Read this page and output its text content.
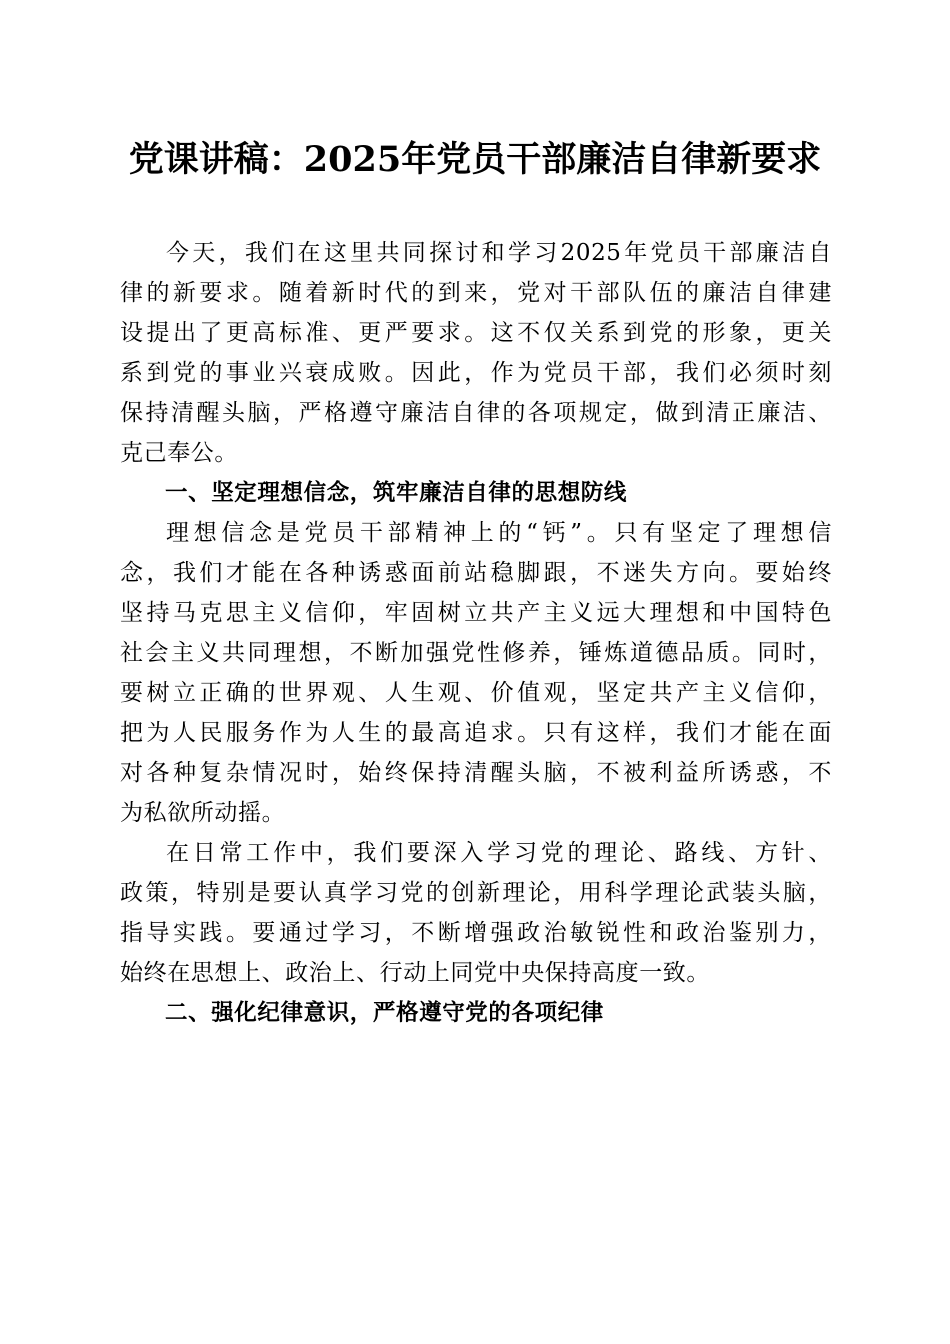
党课讲稿：2025年党员干部廉洁自律新要求

今天，我们在这里共同探讨和学习2025年党员干部廉洁自
律的新要求。随着新时代的到来，党对干部队伍的廉洁自律建
设提出了更高标准、更严要求。这不仅关系到党的形象，更关
系到党的事业兴衰成败。因此，作为党员干部，我们必须时刻
保持清醒头脑，严格遵守廉洁自律的各项规定，做到清正廉洁、
克己奉公。

一、坚定理想信念，筑牢廉洁自律的思想防线

理想信念是党员干部精神上的“钙”。只有坚定了理想信
念，我们才能在各种诱惑面前站稳脚跟，不迷失方向。要始终
坚持马克思主义信仰，牢固树立共产主义远大理想和中国特色
社会主义共同理想，不断加强党性修养，锤炼道德品质。同时，
要树立正确的世界观、人生观、价值观，坚定共产主义信仰，
把为人民服务作为人生的最高追求。只有这样，我们才能在面
对各种复杂情况时，始终保持清醒头脑，不被利益所诱惑，不
为私欲所动摇。

在日常工作中，我们要深入学习党的理论、路线、方针、
政策，特别是要认真学习党的创新理论，用科学理论武装头脑，
指导实践。要通过学习，不断增强政治敏锐性和政治鉴别力，
始终在思想上、政治上、行动上同党中央保持高度一致。

二、强化纪律意识，严格遵守党的各项纪律
